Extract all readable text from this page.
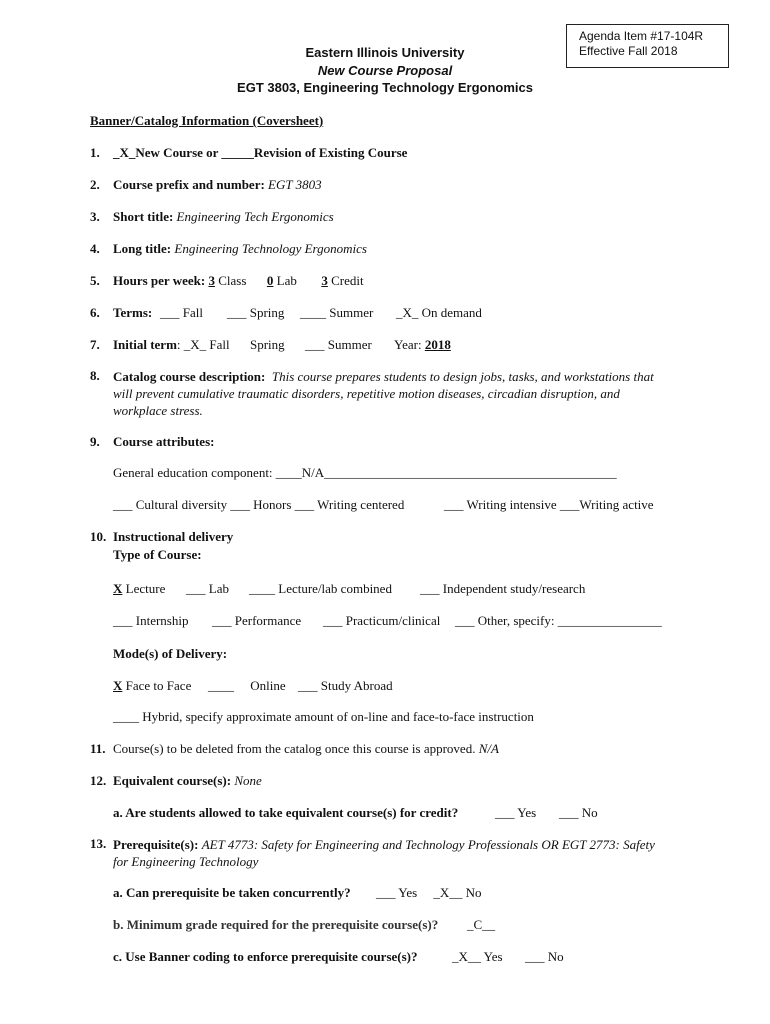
Agenda Item #17-104R
Effective Fall 2018
Eastern Illinois University
New Course Proposal
EGT 3803, Engineering Technology Ergonomics
Banner/Catalog Information (Coversheet)
1. _X_New Course or _____Revision of Existing Course
2. Course prefix and number: EGT 3803
3. Short title: Engineering Tech Ergonomics
4. Long title: Engineering Technology Ergonomics
5. Hours per week: 3 Class 0 Lab 3 Credit
6. Terms: ___ Fall ___ Spring ____ Summer _X_ On demand
7. Initial term: _X_ Fall Spring ___ Summer Year: 2018
8. Catalog course description: This course prepares students to design jobs, tasks, and workstations that will prevent cumulative traumatic disorders, repetitive motion diseases, circadian disruption, and workplace stress.
9. Course attributes:
General education component: ____N/A_____________________________________________
___ Cultural diversity ___ Honors ___ Writing centered	___ Writing intensive ___Writing active
10. Instructional delivery
Type of Course:
X Lecture ___ Lab ____ Lecture/lab combined ___ Independent study/research
___ Internship ___ Performance ___ Practicum/clinical ___ Other, specify: ________________
Mode(s) of Delivery:
X Face to Face ____     Online ___ Study Abroad
____ Hybrid, specify approximate amount of on-line and face-to-face instruction
11. Course(s) to be deleted from the catalog once this course is approved. N/A
12. Equivalent course(s): None
a. Are students allowed to take equivalent course(s) for credit?	___ Yes ___ No
13. Prerequisite(s): AET 4773: Safety for Engineering and Technology Professionals OR EGT 2773: Safety for Engineering Technology
a. Can prerequisite be taken concurrently? ___ Yes     _X__ No
b. Minimum grade required for the prerequisite course(s)? _C__
c. Use Banner coding to enforce prerequisite course(s)?	_X__ Yes ___ No
